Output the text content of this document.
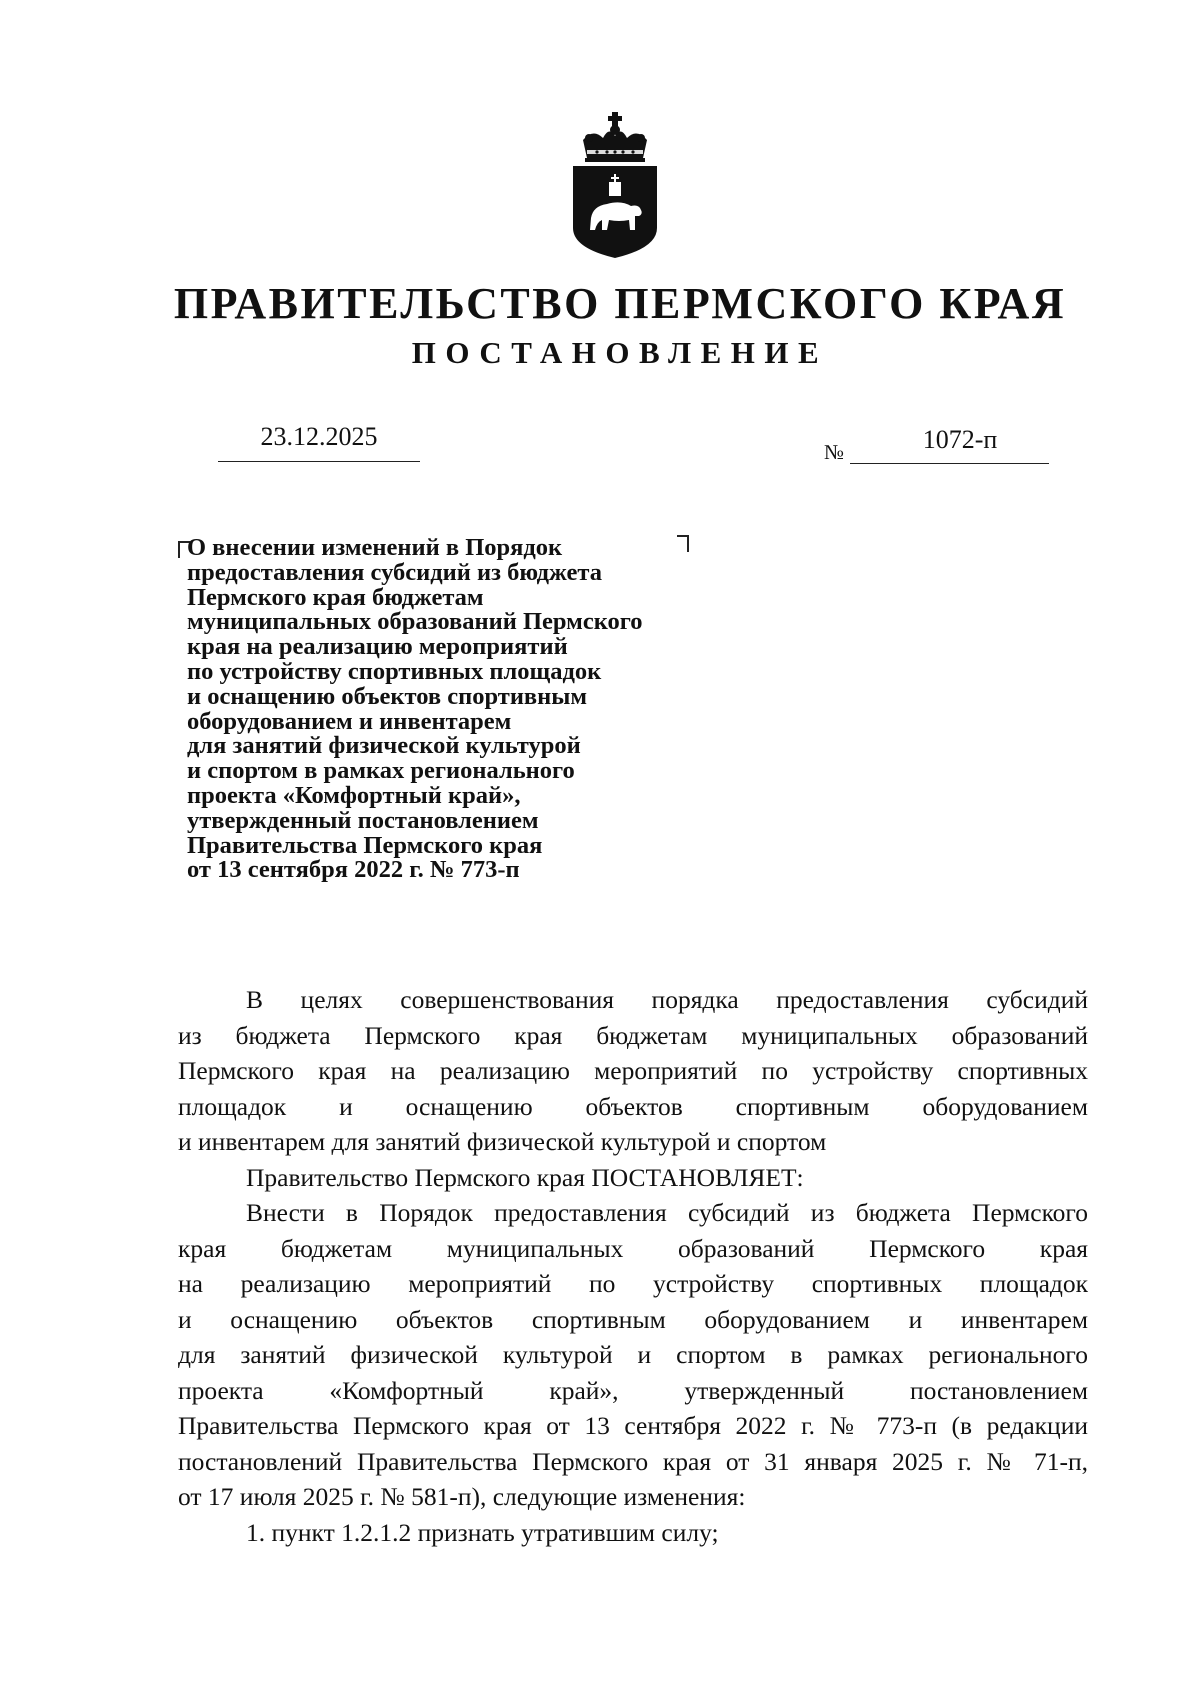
ПРАВИТЕЛЬСТВО ПЕРМСКОГО КРАЯ
ПОСТАНОВЛЕНИЕ
23.12.2025
№	1072-п
О внесении изменений в Порядок
предоставления субсидий из бюджета
Пермского края бюджетам
муниципальных образований Пермского
края на реализацию мероприятий
по устройству спортивных площадок
и оснащению объектов спортивным
оборудованием и инвентарем
для занятий физической культурой
и спортом в рамках регионального
проекта «Комфортный край»,
утвержденный постановлением
Правительства Пермского края
от 13 сентября 2022 г. № 773-п
В целях совершенствования порядка предоставления субсидий
из бюджета Пермского края бюджетам муниципальных образований
Пермского края на реализацию мероприятий по устройству спортивных
площадок и оснащению объектов спортивным оборудованием
и инвентарем для занятий физической культурой и спортом
Правительство Пермского края ПОСТАНОВЛЯЕТ:
Внести в Порядок предоставления субсидий из бюджета Пермского
края бюджетам муниципальных образований Пермского края
на реализацию мероприятий по устройству спортивных площадок
и оснащению объектов спортивным оборудованием и инвентарем
для занятий физической культурой и спортом в рамках регионального
проекта «Комфортный край», утвержденный постановлением
Правительства Пермского края от 13 сентября 2022 г. № 773-п (в редакции
постановлений Правительства Пермского края от 31 января 2025 г. № 71-п,
от 17 июля 2025 г. № 581-п), следующие изменения:
1. пункт 1.2.1.2 признать утратившим силу;
